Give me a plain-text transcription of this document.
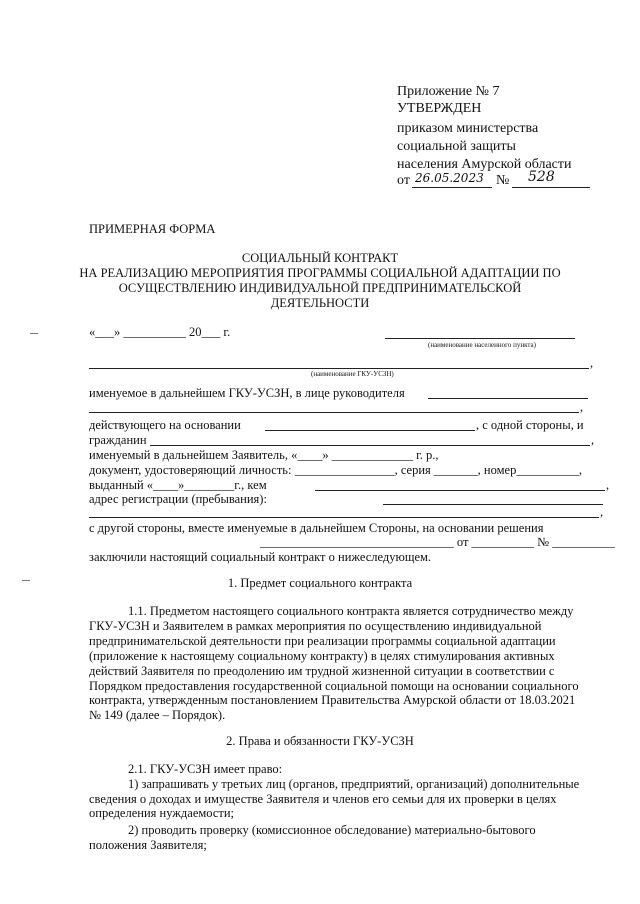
Приложение № 7
УТВЕРЖДЕН
приказом министерства
социальной защиты
населения Амурской области
от 26.05.2023 № 528
ПРИМЕРНАЯ ФОРМА
СОЦИАЛЬНЫЙ КОНТРАКТ
НА РЕАЛИЗАЦИЮ МЕРОПРИЯТИЯ ПРОГРАММЫ СОЦИАЛЬНОЙ АДАПТАЦИИ ПО
ОСУЩЕСТВЛЕНИЮ ИНДИВИДУАЛЬНОЙ ПРЕДПРИНИМАТЕЛЬСКОЙ
ДЕЯТЕЛЬНОСТИ
«___» __________ 20___ г.
(наименование населенного пункта)
,
(наименование ГКУ-УСЗН)
именуемое в дальнейшем ГКУ-УСЗН, в лице руководителя
,
действующего на основании	, с одной стороны, и
гражданин	,
именуемый в дальнейшем Заявитель, «____» _____________ г. р.,
документ, удостоверяющий личность: ________________, серия _______, номер__________,
выданный «____»________г., кем	,
адрес регистрации (пребывания):
,
с другой стороны, вместе именуемые в дальнейшем Стороны, на основании решения
_______________________________ от __________ № __________
заключили настоящий социальный контракт о нижеследующем.
1. Предмет социального контракта
1.1. Предметом настоящего социального контракта является сотрудничество между
ГКУ-УСЗН и Заявителем в рамках мероприятия по осуществлению индивидуальной
предпринимательской деятельности при реализации программы социальной адаптации
(приложение к настоящему социальному контракту) в целях стимулирования активных
действий Заявителя по преодолению им трудной жизненной ситуации в соответствии с
Порядком предоставления государственной социальной помощи на основании социального
контракта, утвержденным постановлением Правительства Амурской области от 18.03.2021
№ 149 (далее – Порядок).
2. Права и обязанности ГКУ-УСЗН
2.1. ГКУ-УСЗН имеет право:
1) запрашивать у третьих лиц (органов, предприятий, организаций) дополнительные
сведения о доходах и имуществе Заявителя и членов его семьи для их проверки в целях
определения нуждаемости;
2) проводить проверку (комиссионное обследование) материально-бытового
положения Заявителя;
